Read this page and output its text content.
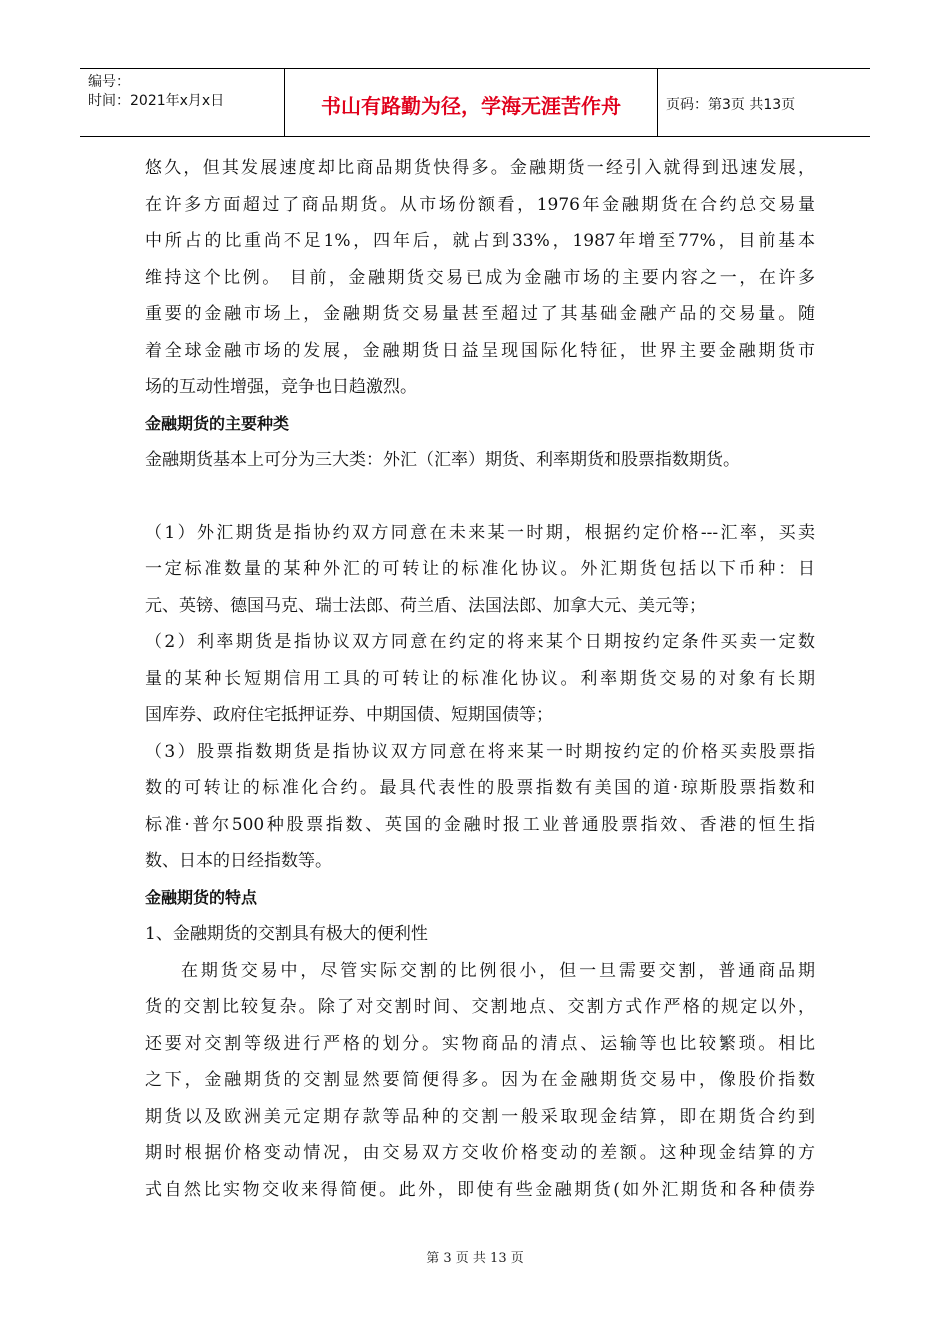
编号：
时间：2021年x月x日	书山有路勤为径，学海无涯苦作舟	页码：第3页 共13页
悠久，但其发展速度却比商品期货快得多。金融期货一经引入就得到迅速发展，
在许多方面超过了商品期货。从市场份额看，1976年金融期货在合约总交易量
中所占的比重尚不足1%，四年后，就占到33%，1987年增至77%，目前基本
维持这个比例。 目前，金融期货交易已成为金融市场的主要内容之一，在许多
重要的金融市场上，金融期货交易量甚至超过了其基础金融产品的交易量。随
着全球金融市场的发展，金融期货日益呈现国际化特征，世界主要金融期货市
场的互动性增强，竞争也日趋激烈。
金融期货的主要种类
金融期货基本上可分为三大类：外汇（汇率）期货、利率期货和股票指数期货。
（1）外汇期货是指协约双方同意在未来某一时期，根据约定价格---汇率，买卖
一定标准数量的某种外汇的可转让的标准化协议。外汇期货包括以下币种：日
元、英镑、德国马克、瑞士法郎、荷兰盾、法国法郎、加拿大元、美元等；
（2）利率期货是指协议双方同意在约定的将来某个日期按约定条件买卖一定数
量的某种长短期信用工具的可转让的标准化协议。利率期货交易的对象有长期
国库券、政府住宅抵押证券、中期国债、短期国债等；
（3）股票指数期货是指协议双方同意在将来某一时期按约定的价格买卖股票指
数的可转让的标准化合约。最具代表性的股票指数有美国的道·琼斯股票指数和
标准·普尔500种股票指数、英国的金融时报工业普通股票指效、香港的恒生指
数、日本的日经指数等。
金融期货的特点
1、金融期货的交割具有极大的便利性
在期货交易中，尽管实际交割的比例很小，但一旦需要交割，普通商品期
货的交割比较复杂。除了对交割时间、交割地点、交割方式作严格的规定以外，
还要对交割等级进行严格的划分。实物商品的清点、运输等也比较繁琐。相比
之下，金融期货的交割显然要简便得多。因为在金融期货交易中，像股价指数
期货以及欧洲美元定期存款等品种的交割一般采取现金结算，即在期货合约到
期时根据价格变动情况，由交易双方交收价格变动的差额。这种现金结算的方
式自然比实物交收来得简便。此外，即使有些金融期货(如外汇期货和各种债券
第 3 页 共 13 页
